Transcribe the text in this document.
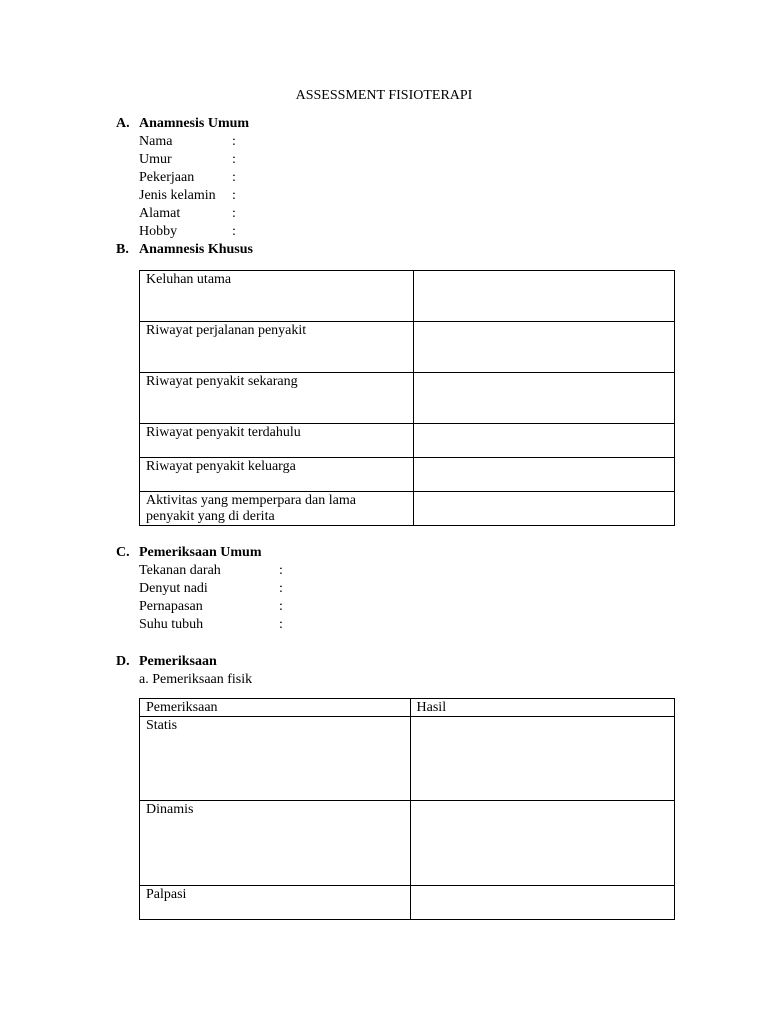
ASSESSMENT FISIOTERAPI
A. Anamnesis Umum
Nama	:
Umur	:
Pekerjaan	:
Jenis kelamin :
Alamat	:
Hobby	:
B. Anamnesis Khusus
Keluhan utama	
Riwayat perjalanan penyakit	
Riwayat penyakit sekarang	
Riwayat penyakit terdahulu	
Riwayat penyakit keluarga	
Aktivitas yang memperpara dan lama penyakit yang di derita	
C. Pemeriksaan Umum
Tekanan darah	:
Denyut nadi	:
Pernapasan	:
Suhu tubuh	:
D. Pemeriksaan
a. Pemeriksaan fisik
Pemeriksaan	Hasil
Statis	
Dinamis	
Palpasi	
